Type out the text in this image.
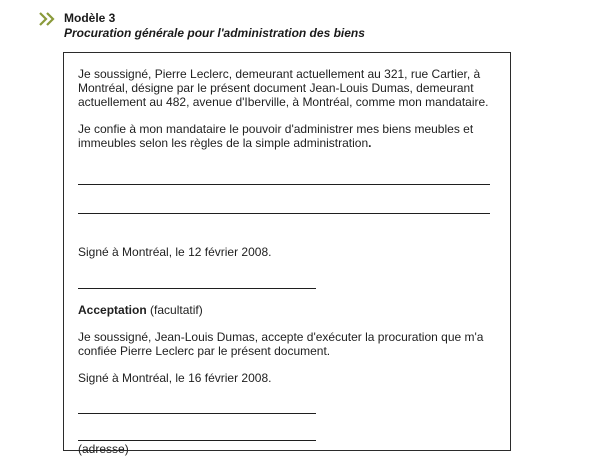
Modèle 3
Procuration générale pour l'administration des biens

Je soussigné, Pierre Leclerc, demeurant actuellement au 321, rue Cartier, à Montréal, désigne par le présent document Jean-Louis Dumas, demeurant actuellement au 482, avenue d'Iberville, à Montréal, comme mon mandataire.

Je confie à mon mandataire le pouvoir d'administrer mes biens meubles et immeubles selon les règles de la simple administration.

Signé à Montréal, le 12 février 2008.

Acceptation (facultatif)

Je soussigné, Jean-Louis Dumas, accepte d'exécuter la procuration que m'a confiée Pierre Leclerc par le présent document.

Signé à Montréal, le 16 février 2008.

(adresse)
